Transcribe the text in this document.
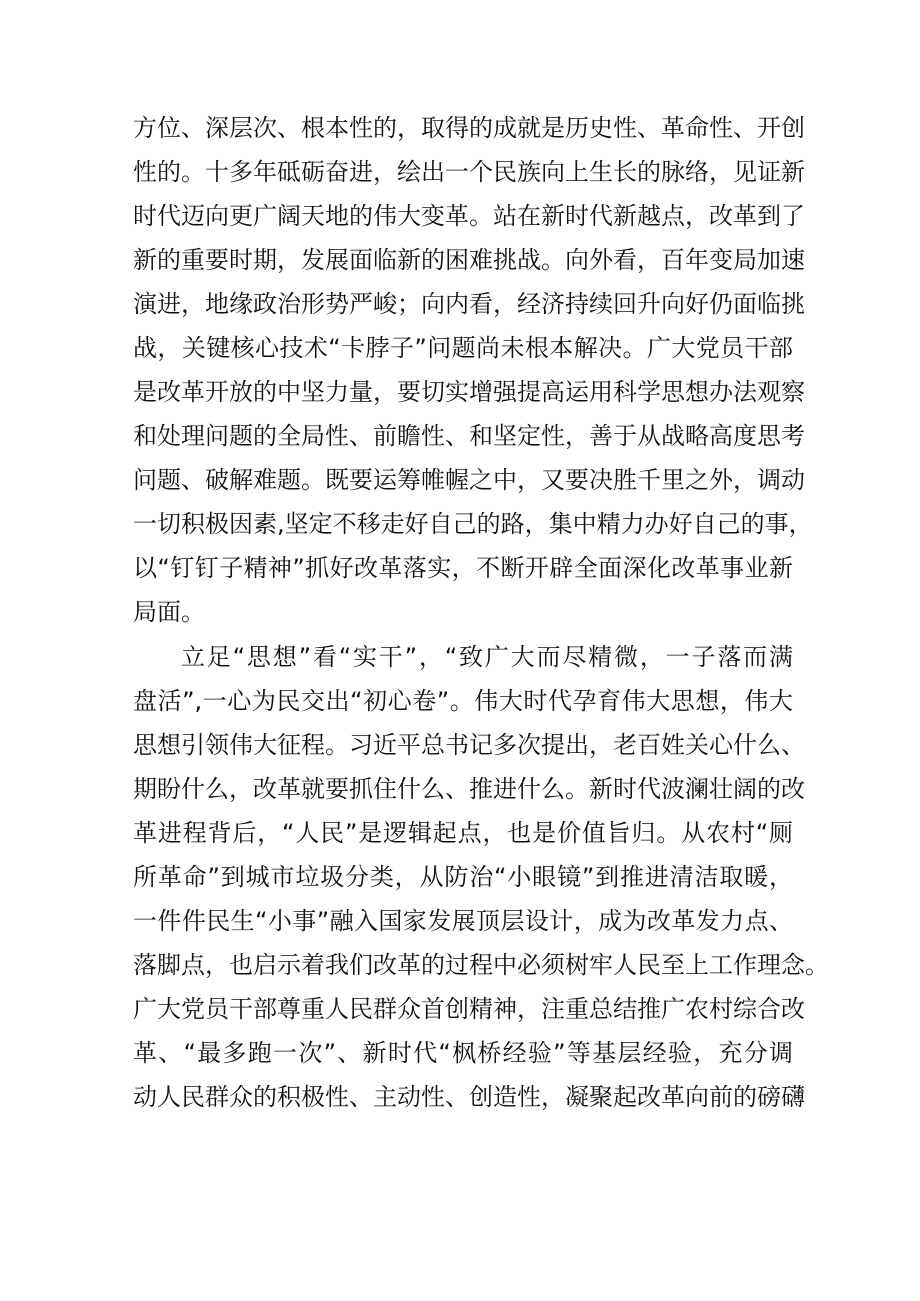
方位、深层次、根本性的，取得的成就是历史性、革命性、开创
性的。十多年砥砺奋进，绘出一个民族向上生长的脉络，见证新
时代迈向更广阔天地的伟大变革。站在新时代新越点，改革到了
新的重要时期，发展面临新的困难挑战。向外看，百年变局加速
演进，地缘政治形势严峻；向内看，经济持续回升向好仍面临挑
战，关键核心技术“卡脖子”问题尚未根本解决。广大党员干部
是改革开放的中坚力量，要切实增强提高运用科学思想办法观察
和处理问题的全局性、前瞻性、和坚定性，善于从战略高度思考
问题、破解难题。既要运筹帷幄之中，又要决胜千里之外，调动
一切积极因素,坚定不移走好自己的路，集中精力办好自己的事，
以“钉钉子精神”抓好改革落实，不断开辟全面深化改革事业新
局面。
立足“思想”看“实干”，“致广大而尽精微，一子落而满
盘活”,一心为民交出“初心卷”。伟大时代孕育伟大思想，伟大
思想引领伟大征程。习近平总书记多次提出，老百姓关心什么、
期盼什么，改革就要抓住什么、推进什么。新时代波澜壮阔的改
革进程背后，“人民”是逻辑起点，也是价值旨归。从农村“厕
所革命”到城市垃圾分类，从防治“小眼镜”到推进清洁取暖，
一件件民生“小事”融入国家发展顶层设计，成为改革发力点、
落脚点，也启示着我们改革的过程中必须树牢人民至上工作理念。
广大党员干部尊重人民群众首创精神，注重总结推广农村综合改
革、“最多跑一次”、新时代“枫桥经验”等基层经验，充分调
动人民群众的积极性、主动性、创造性，凝聚起改革向前的磅礴
